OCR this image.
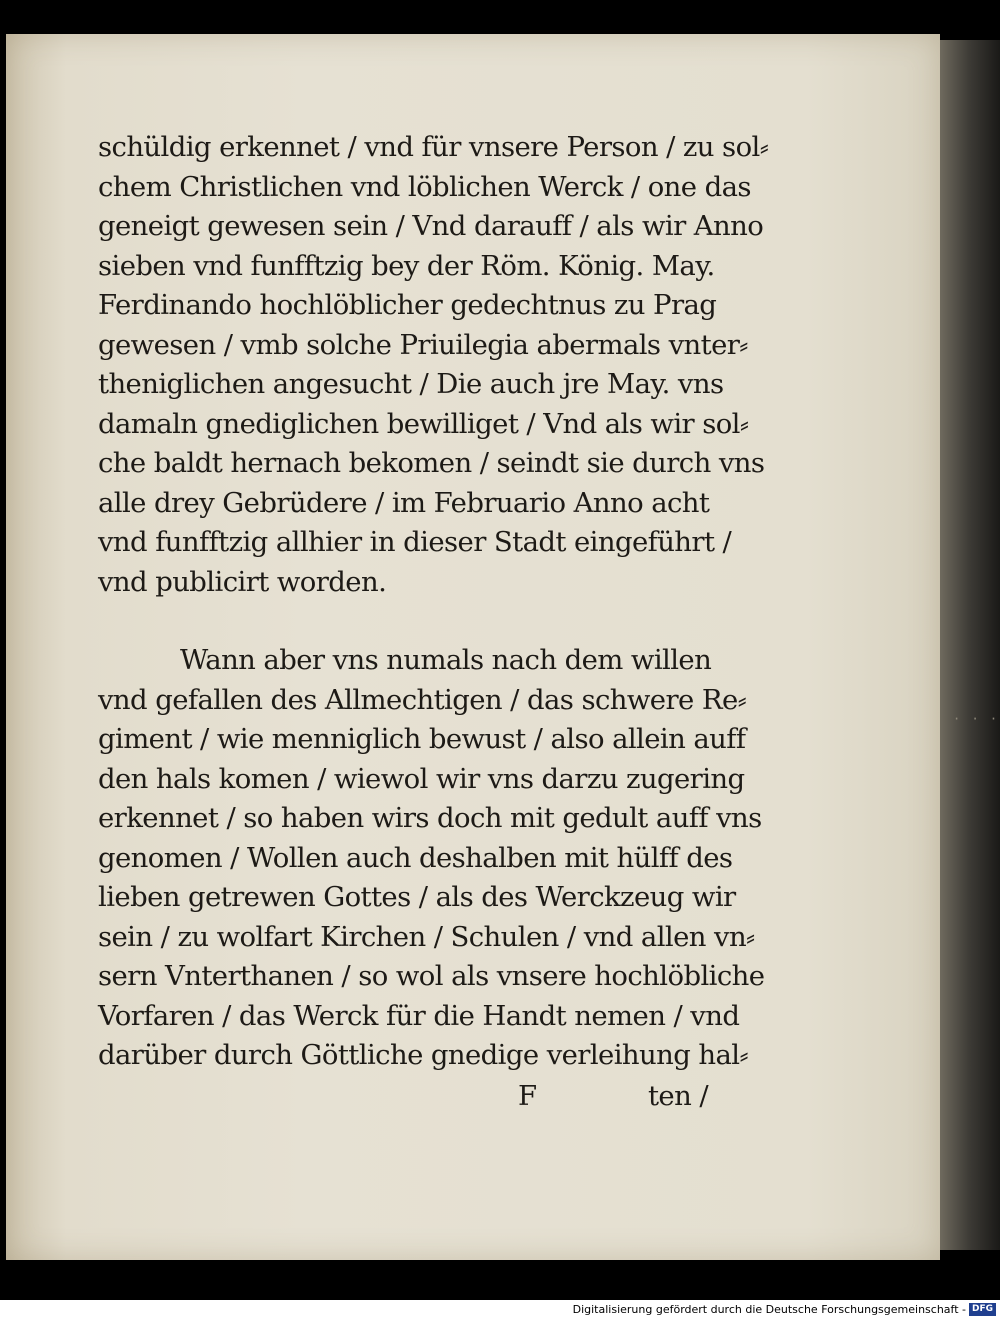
schüldig erkennet / vnd für vnsere Person / zu sol⸗
chem Christlichen vnd löblichen Werck / one das
geneigt gewesen sein / Vnd darauff / als wir Anno
sieben vnd funfftzig bey der Röm. König. May.
Ferdinando hochlöblicher gedechtnus zu Prag
gewesen / vmb solche Priuilegia abermals vnter⸗
theniglichen angesucht / Die auch jre May. vns
damaln gnediglichen bewilliget / Vnd als wir sol⸗
che baldt hernach bekomen / seindt sie durch vns
alle drey Gebrüdere / im Februario Anno acht
vnd funfftzig allhier in dieser Stadt eingeführt /
vnd publicirt worden.
Wann aber vns numals nach dem willen
vnd gefallen des Allmechtigen / das schwere Re⸗
giment / wie menniglich bewust / also allein auff
den hals komen / wiewol wir vns darzu zugering
erkennet / so haben wirs doch mit gedult auff vns
genomen / Wollen auch deshalben mit hülff des
lieben getrewen Gottes / als des Werckzeug wir
sein / zu wolfart Kirchen / Schulen / vnd allen vn⸗
sern Vnterthanen / so wol als vnsere hochlöbliche
Vorfaren / das Werck für die Handt nemen / vnd
darüber durch Göttliche gnedige verleihung hal⸗
F	ten /
· · ·
Digitalisierung gefördert durch die Deutsche Forschungsgemeinschaft - DFG
